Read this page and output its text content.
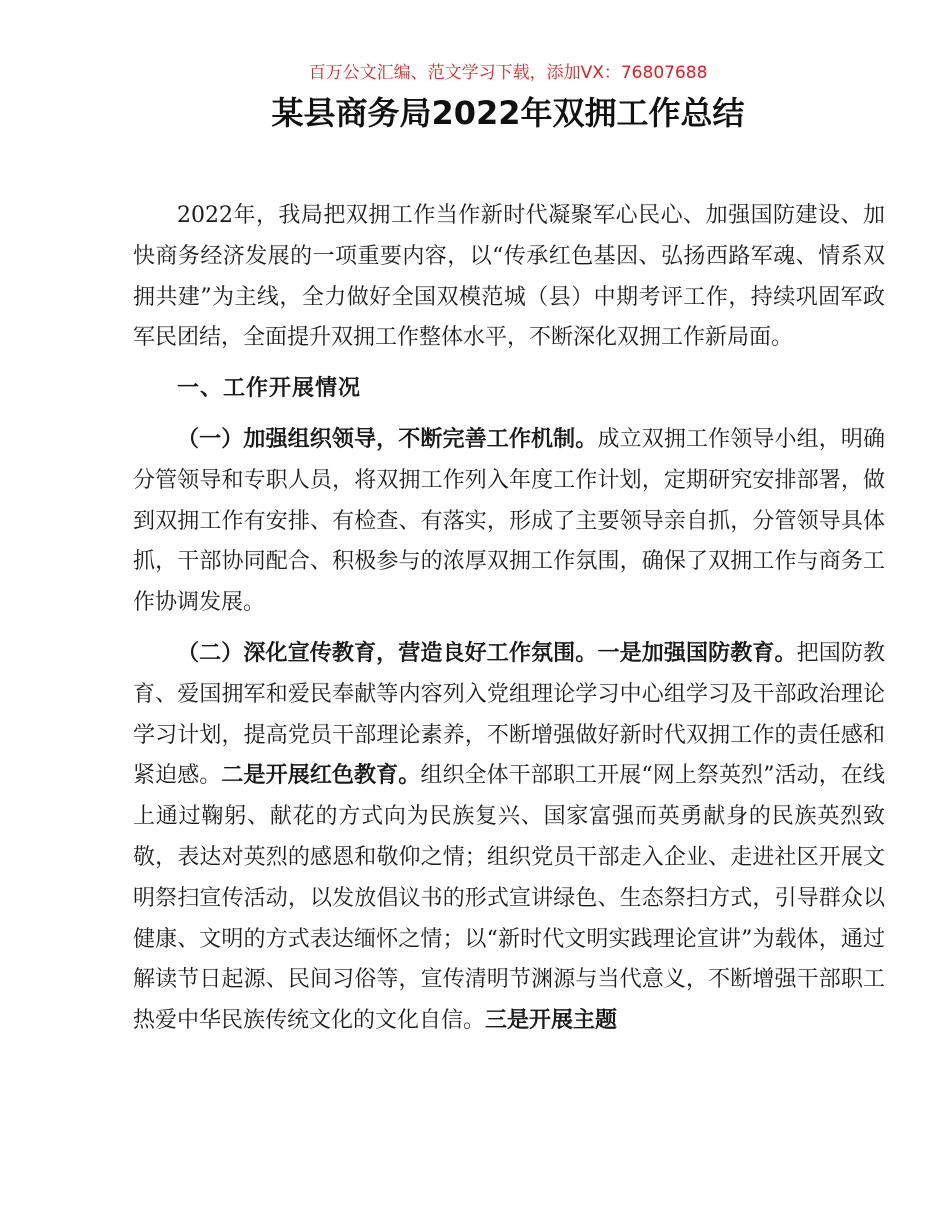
百万公文汇编、范文学习下载，添加VX：76807688
某县商务局2022年双拥工作总结

2022年，我局把双拥工作当作新时代凝聚军心民心、加强国防建设、加快商务经济发展的一项重要内容，以“传承红色基因、弘扬西路军魂、情系双拥共建”为主线，全力做好全国双模范城（县）中期考评工作，持续巩固军政军民团结，全面提升双拥工作整体水平，不断深化双拥工作新局面。

一、工作开展情况

（一）加强组织领导，不断完善工作机制。成立双拥工作领导小组，明确分管领导和专职人员，将双拥工作列入年度工作计划，定期研究安排部署，做到双拥工作有安排、有检查、有落实，形成了主要领导亲自抓，分管领导具体抓，干部协同配合、积极参与的浓厚双拥工作氛围，确保了双拥工作与商务工作协调发展。

（二）深化宣传教育，营造良好工作氛围。一是加强国防教育。把国防教育、爱国拥军和爱民奉献等内容列入党组理论学习中心组学习及干部政治理论学习计划，提高党员干部理论素养，不断增强做好新时代双拥工作的责任感和紧迫感。二是开展红色教育。组织全体干部职工开展“网上祭英烈”活动，在线上通过鞠躬、献花的方式向为民族复兴、国家富强而英勇献身的民族英烈致敬，表达对英烈的感恩和敬仰之情；组织党员干部走入企业、走进社区开展文明祭扫宣传活动，以发放倡议书的形式宣讲绿色、生态祭扫方式，引导群众以健康、文明的方式表达缅怀之情；以“新时代文明实践理论宣讲”为载体，通过解读节日起源、民间习俗等，宣传清明节渊源与当代意义，不断增强干部职工热爱中华民族传统文化的文化自信。三是开展主题
